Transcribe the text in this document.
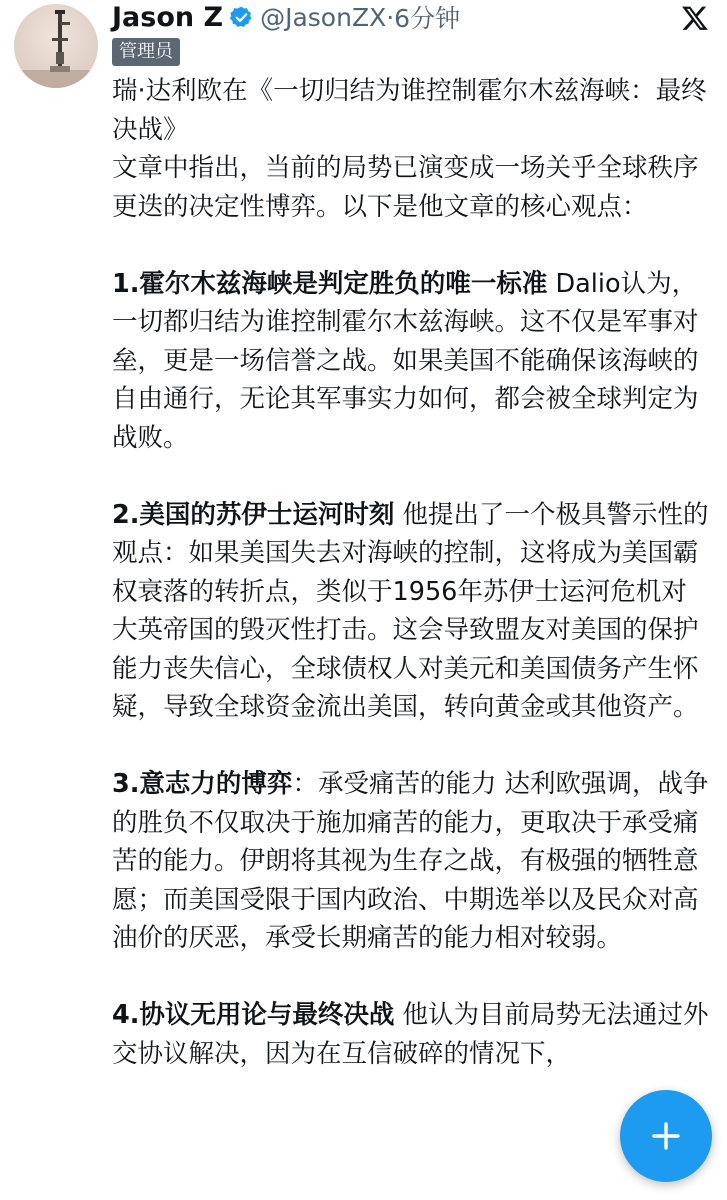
Jason Z @JasonZX · 6分钟
管理员

瑞·达利欧在《一切归结为谁控制霍尔木兹海峡：最终决战》

文章中指出，当前的局势已演变成一场关乎全球秩序更迭的决定性博弈。以下是他文章的核心观点：

1.霍尔木兹海峡是判定胜负的唯一标准 Dalio认为，一切都归结为谁控制霍尔木兹海峡。这不仅是军事对垒，更是一场信誉之战。如果美国不能确保该海峡的自由通行，无论其军事实力如何，都会被全球判定为战败。

2.美国的苏伊士运河时刻 他提出了一个极具警示性的观点：如果美国失去对海峡的控制，这将成为美国霸权衰落的转折点，类似于1956年苏伊士运河危机对大英帝国的毁灭性打击。这会导致盟友对美国的保护能力丧失信心，全球债权人对美元和美国债务产生怀疑，导致全球资金流出美国，转向黄金或其他资产。

3.意志力的博弈：承受痛苦的能力 达利欧强调，战争的胜负不仅取决于施加痛苦的能力，更取决于承受痛苦的能力。伊朗将其视为生存之战，有极强的牺牲意愿；而美国受限于国内政治、中期选举以及民众对高油价的厌恶，承受长期痛苦的能力相对较弱。

4.协议无用论与最终决战 他认为目前局势无法通过外交协议解决，因为在互信破碎的情况下，
